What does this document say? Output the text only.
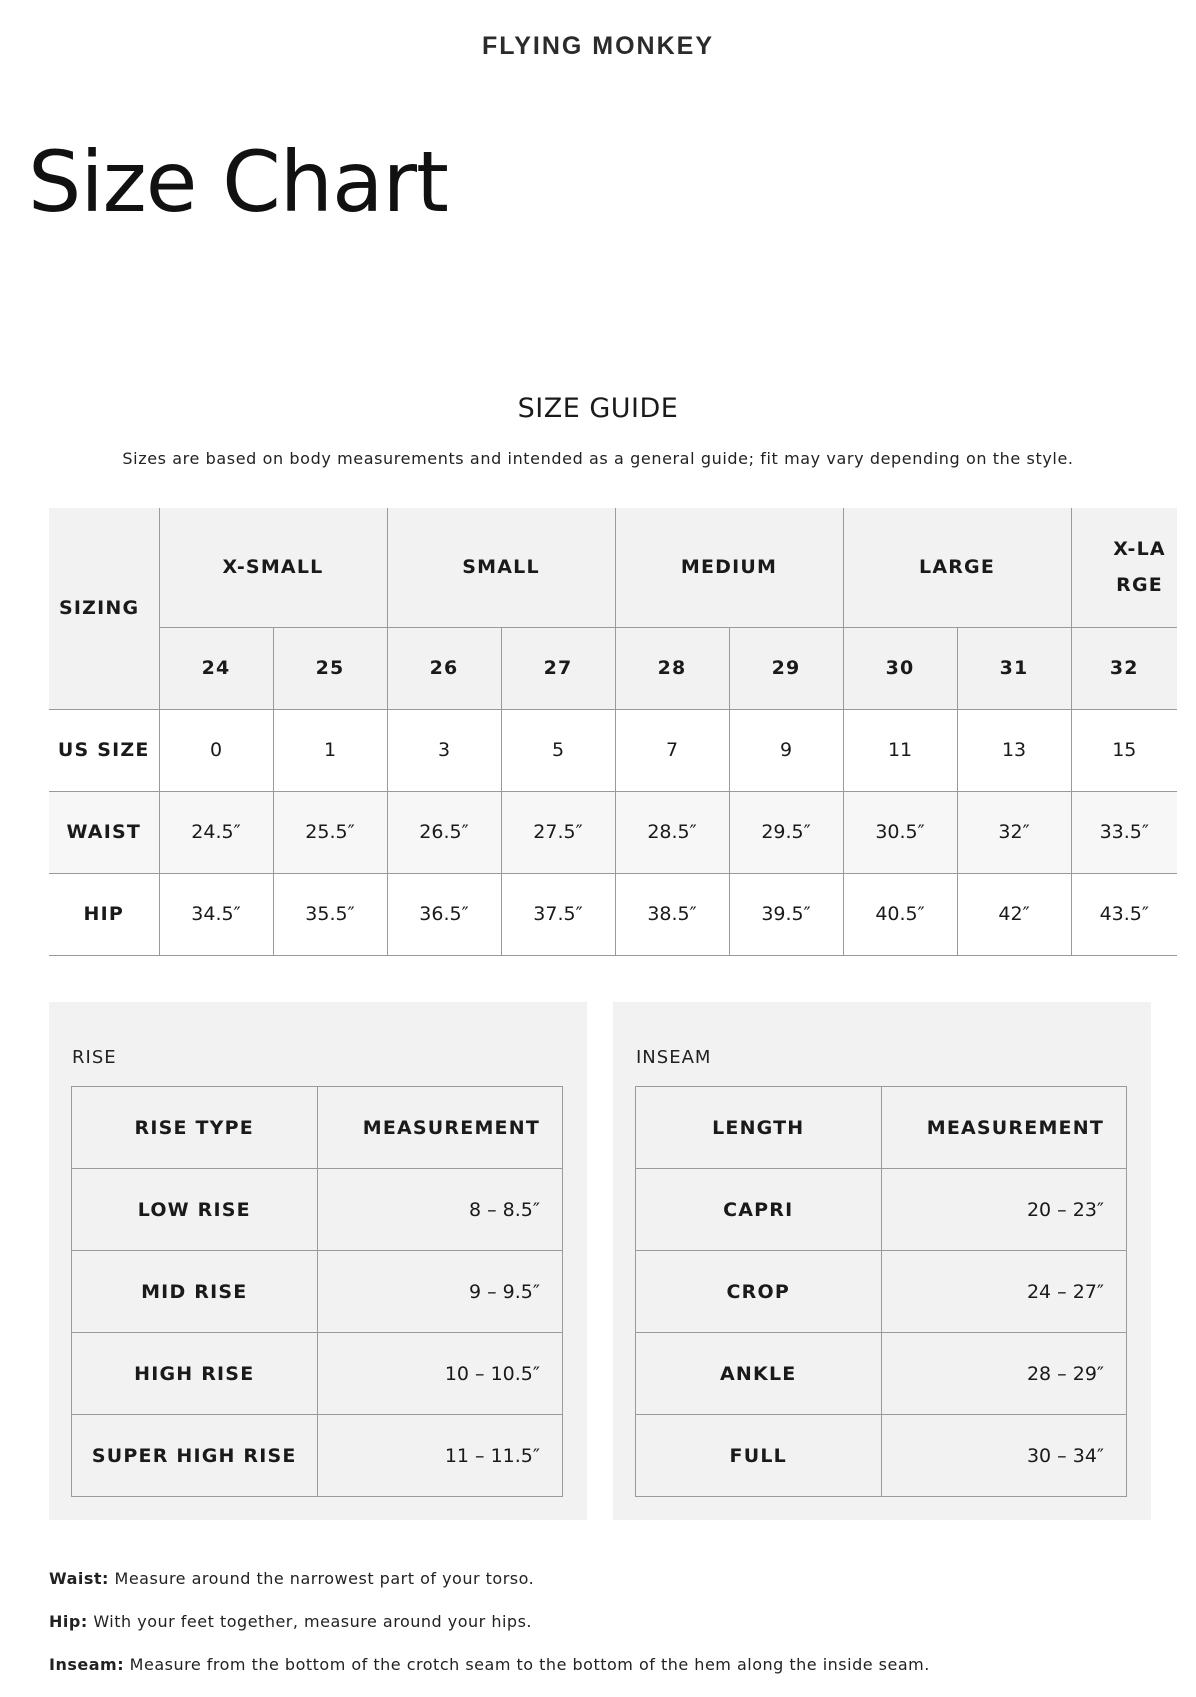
FLYING MONKEY
Size Chart
SIZE GUIDE
Sizes are based on body measurements and intended as a general guide; fit may vary depending on the style.
SIZING	X-SMALL		SMALL		MEDIUM		LARGE		X-LARGE

	24	25	26	27	28	29	30	31	32
US SIZE	0	1	3	5	7	9	11	13	15
WAIST	24.5″	25.5″	26.5″	27.5″	28.5″	29.5″	30.5″	32″	33.5″
HIP	34.5″	35.5″	36.5″	37.5″	38.5″	39.5″	40.5″	42″	43.5″
RISE
RISE TYPE	MEASUREMENT
LOW RISE	8 – 8.5″
MID RISE	9 – 9.5″
HIGH RISE	10 – 10.5″
SUPER HIGH RISE	11 – 11.5″
INSEAM
LENGTH	MEASUREMENT
CAPRI	20 – 23″
CROP	24 – 27″
ANKLE	28 – 29″
FULL	30 – 34″

Waist: Measure around the narrowest part of your torso.

Hip: With your feet together, measure around your hips.

Inseam: Measure from the bottom of the crotch seam to the bottom of the hem along the inside seam.
